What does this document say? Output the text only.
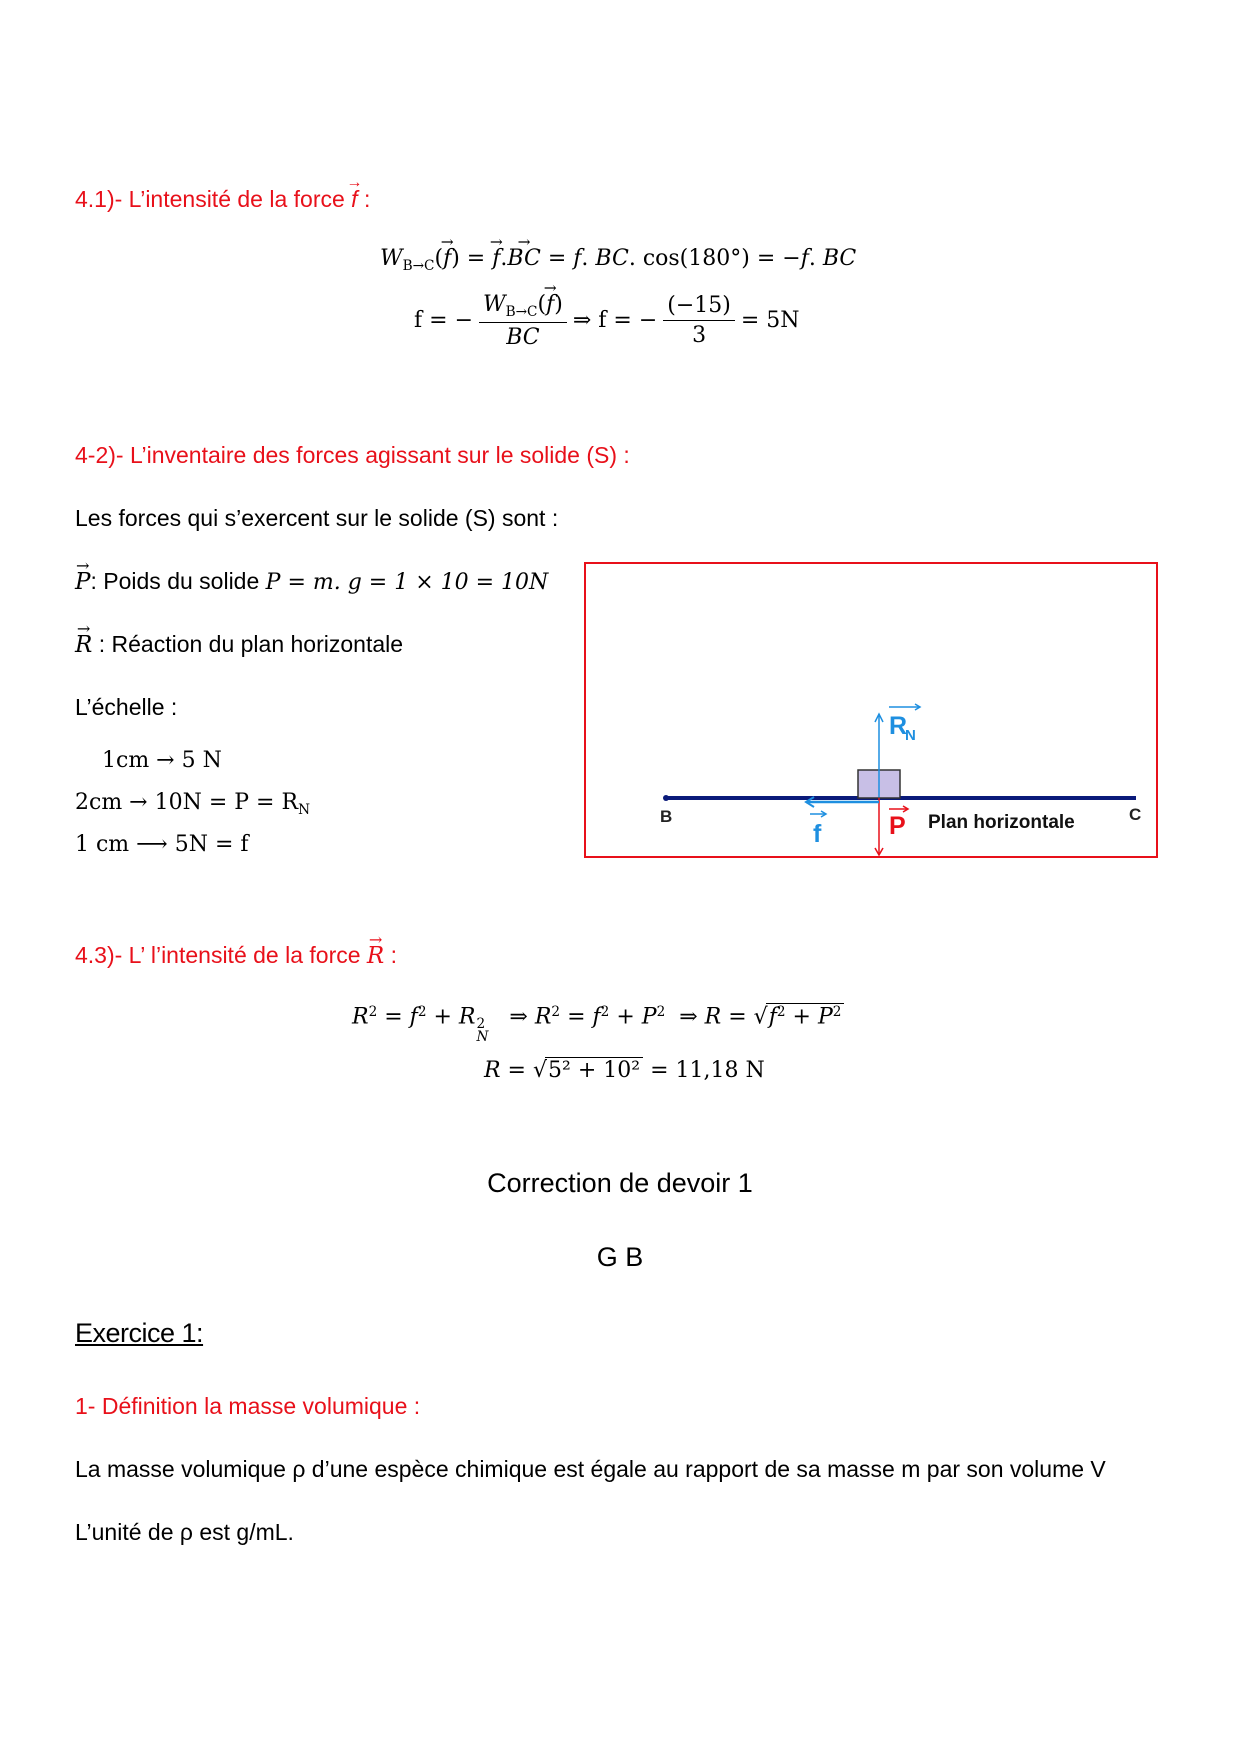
4.1)- L’intensité de la force → f :
$W_{B\to C}(\to f)$ = → f.→ BC = f. BC. cos(180°) = −f. BC
f = − $\frac{W_{B\to C}(\to f)}{BC}$ ⇒ f = − $\frac{(-15)}{3} = 5N$
4-2)- L’inventaire des forces agissant sur le solide (S) :
Les forces qui s’exercent sur le solide (S) sont :
→ P: Poids du solide P = m. g = 1 × 10 = 10N
→ R : Réaction du plan horizontale
L’échelle :
1cm → 5 N
$2cm \to 10N = P = R_N$
1 cm ⟶ 5N = f
R
N
P
f
B	C
Plan horizontale
4.3)- L’ l’intensité de la force → R :
$R^2 = f^2 + R$ 2
N
⇒ $R^2 = f^2 + P^2$  ⇒ $R = √f^2 + P^2$
R = √5² + 10² = 11,18 N
Correction de devoir 1
G B
Exercice 1:
1- Définition la masse volumique :
La masse volumique ρ d’une espèce chimique est égale au rapport de sa masse m par son volume V
L’unité de ρ est g/mL.
